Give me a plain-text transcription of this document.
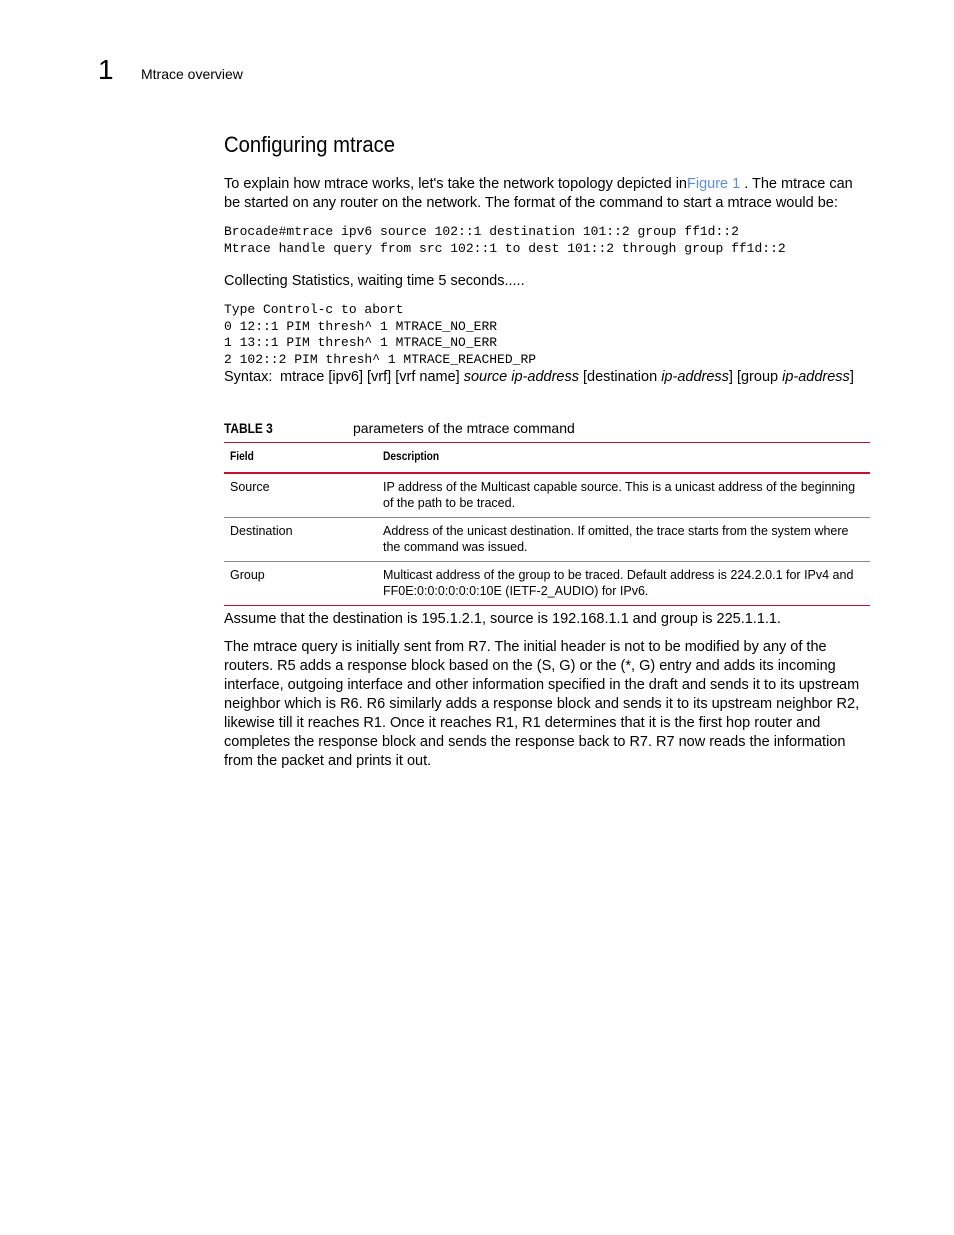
1 Mtrace overview
Configuring mtrace

To explain how mtrace works, let's take the network topology depicted inFigure 1 . The mtrace can be started on any router on the network. The format of the command to start a mtrace would be:

Brocade#mtrace ipv6 source 102::1 destination 101::2 group ff1d::2
Mtrace handle query from src 102::1 to dest 101::2 through group ff1d::2

Collecting Statistics, waiting time 5 seconds.....

Type Control-c to abort
0 12::1 PIM thresh^ 1 MTRACE_NO_ERR
1 13::1 PIM thresh^ 1 MTRACE_NO_ERR
2 102::2 PIM thresh^ 1 MTRACE_REACHED_RP
Syntax: mtrace [ipv6] [vrf] [vrf name] source ip-address [destination ip-address] [group ip-address]
TABLE 3	parameters of the mtrace command
Field	Description
Source	IP address of the Multicast capable source. This is a unicast address of the beginning of the path to be traced.
Destination	Address of the unicast destination. If omitted, the trace starts from the system where the command was issued.
Group	Multicast address of the group to be traced. Default address is 224.2.0.1 for IPv4 and FF0E:0:0:0:0:0:0:10E (IETF-2_AUDIO) for IPv6.

Assume that the destination is 195.1.2.1, source is 192.168.1.1 and group is 225.1.1.1.

The mtrace query is initially sent from R7. The initial header is not to be modified by any of the routers. R5 adds a response block based on the (S, G) or the (*, G) entry and adds its incoming interface, outgoing interface and other information specified in the draft and sends it to its upstream neighbor which is R6. R6 similarly adds a response block and sends it to its upstream neighbor R2, likewise till it reaches R1. Once it reaches R1, R1 determines that it is the first hop router and completes the response block and sends the response back to R7. R7 now reads the information from the packet and prints it out.
